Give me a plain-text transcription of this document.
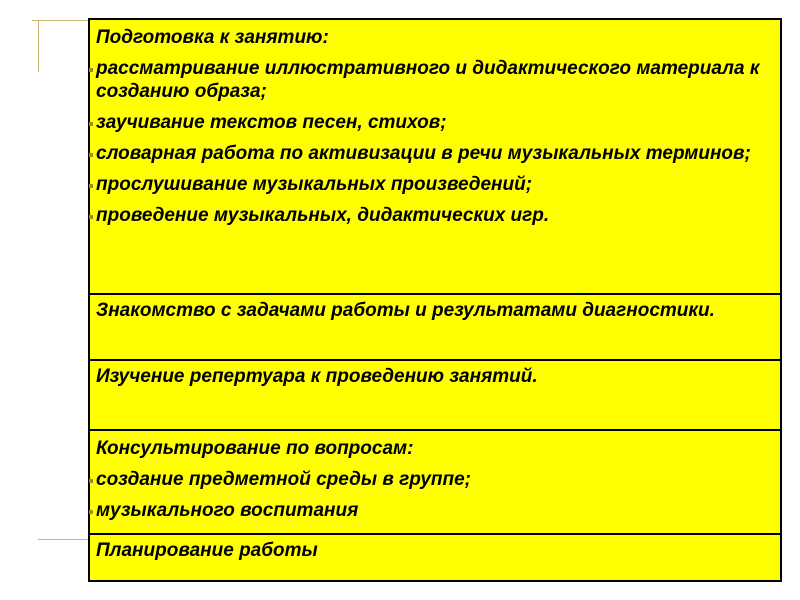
Подготовка к занятию:

рассматривание иллюстративного и дидактического материала к созданию образа;

заучивание текстов песен, стихов;

словарная работа по активизации в речи музыкальных терминов;

прослушивание музыкальных произведений;

проведение музыкальных, дидактических игр.

Знакомство с задачами работы и результатами диагностики.

Изучение репертуара к проведению занятий.

Консультирование по вопросам:

создание предметной среды в группе;

музыкального воспитания

Планирование работы
